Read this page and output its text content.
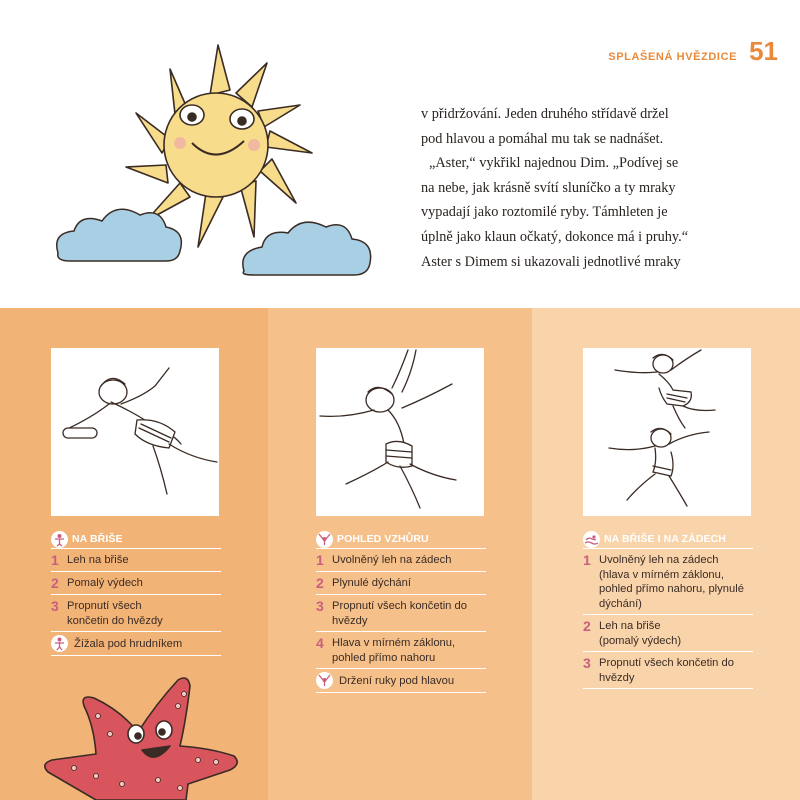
SPLAŠENÁ HVĚZDICE 51

v přidržování. Jeden druhého střídavě držel

pod hlavou a pomáhal mu tak se nadnášet.

„Aster,“ vykřikl najednou Dim. „Podívej se

na nebe, jak krásně svítí sluníčko a ty mraky

vypadají jako roztomilé ryby. Támhleten je

úplně jako klaun očkatý, dokonce má i pruhy.“

Aster s Dimem si ukazovali jednotlivé mraky

NA BŘIŠE
1 Leh na břiše
2 Pomalý výdech
3 Propnutí všech končetin do hvězdy
Žížala pod hrudníkem
POHLED VZHŮRU
1 Uvolněný leh na zádech
2 Plynulé dýchání
3 Propnutí všech končetin do hvězdy
4 Hlava v mírném záklonu, pohled přímo nahoru
Držení ruky pod hlavou
NA BŘIŠE I NA ZÁDECH
1 Uvolněný leh na zádech (hlava v mírném záklonu, pohled přímo nahoru, plynulé dýchání)
2 Leh na břiše (pomalý výdech)
3 Propnutí všech končetin do hvězdy
